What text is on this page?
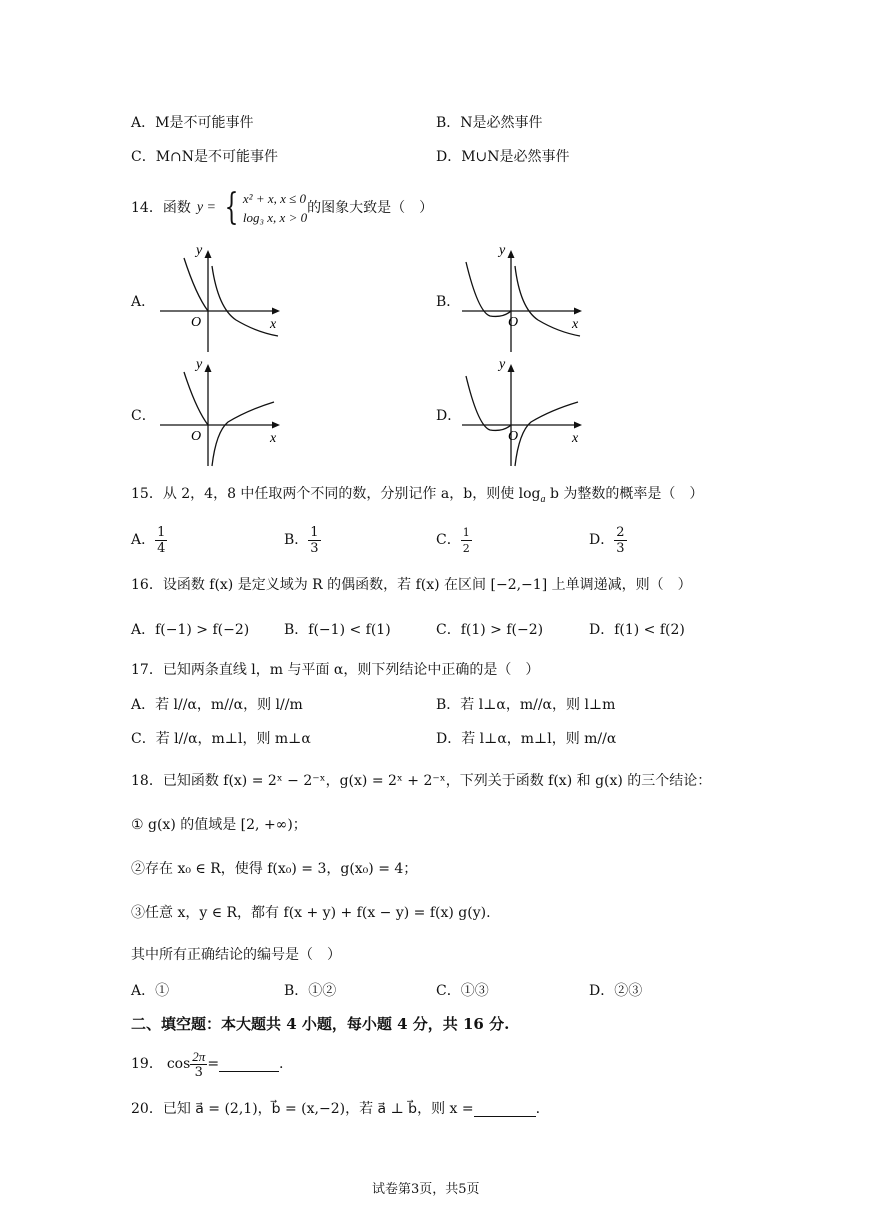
A．M是不可能事件	B．N是必然事件
C．M∩N是不可能事件	D．M∪N是必然事件
14．函数 y = { x² + x, x ≤ 0
log₃ x, x > 0
的图象大致是（　）
A．
y
x
O
B．
y
x
O
C．
y
x
O
D．
y
x
O
15．从 2，4，8 中任取两个不同的数，分别记作 a，b，则使 $\log_a b$ 为整数的概率是（　）
A． $\frac{1}{4}$	B． $\frac{1}{3}$	C． $\frac{1}{2}$	D． $\frac{2}{3}$
16．设函数 f(x) 是定义域为 R 的偶函数，若 f(x) 在区间 [−2,−1] 上单调递减，则（　）
A．f(−1) > f(−2) B．f(−1) < f(1)	C．f(1) > f(−2)	D．f(1) < f(2)
17．已知两条直线 l，m 与平面 α，则下列结论中正确的是（　）
A．若 l//α，m//α，则 l//m	B．若 l⊥α，m//α，则 l⊥m
C．若 l//α，m⊥l，则 m⊥α	D．若 l⊥α，m⊥l，则 m//α
18．已知函数 f(x) = 2ˣ − 2⁻ˣ，g(x) = 2ˣ + 2⁻ˣ，下列关于函数 f(x) 和 g(x) 的三个结论：
① g(x) 的值域是 [2, +∞)；
②存在 x₀ ∈ R，使得 f(x₀) = 3，g(x₀) = 4；
③任意 x，y ∈ R，都有 f(x + y) + f(x − y) = f(x) g(y).
其中所有正确结论的编号是（　）
A．①	B．①②	C．①③	D．②③
二、填空题：本大题共 4 小题，每小题 4 分，共 16 分.
19． $\cos \frac{2\pi}{3}$ =	.
20．已知 a⃗ = (2,1)，b⃗ = (x,−2)，若 a⃗ ⊥ b⃗，则 x =	.
试卷第3页，共5页
